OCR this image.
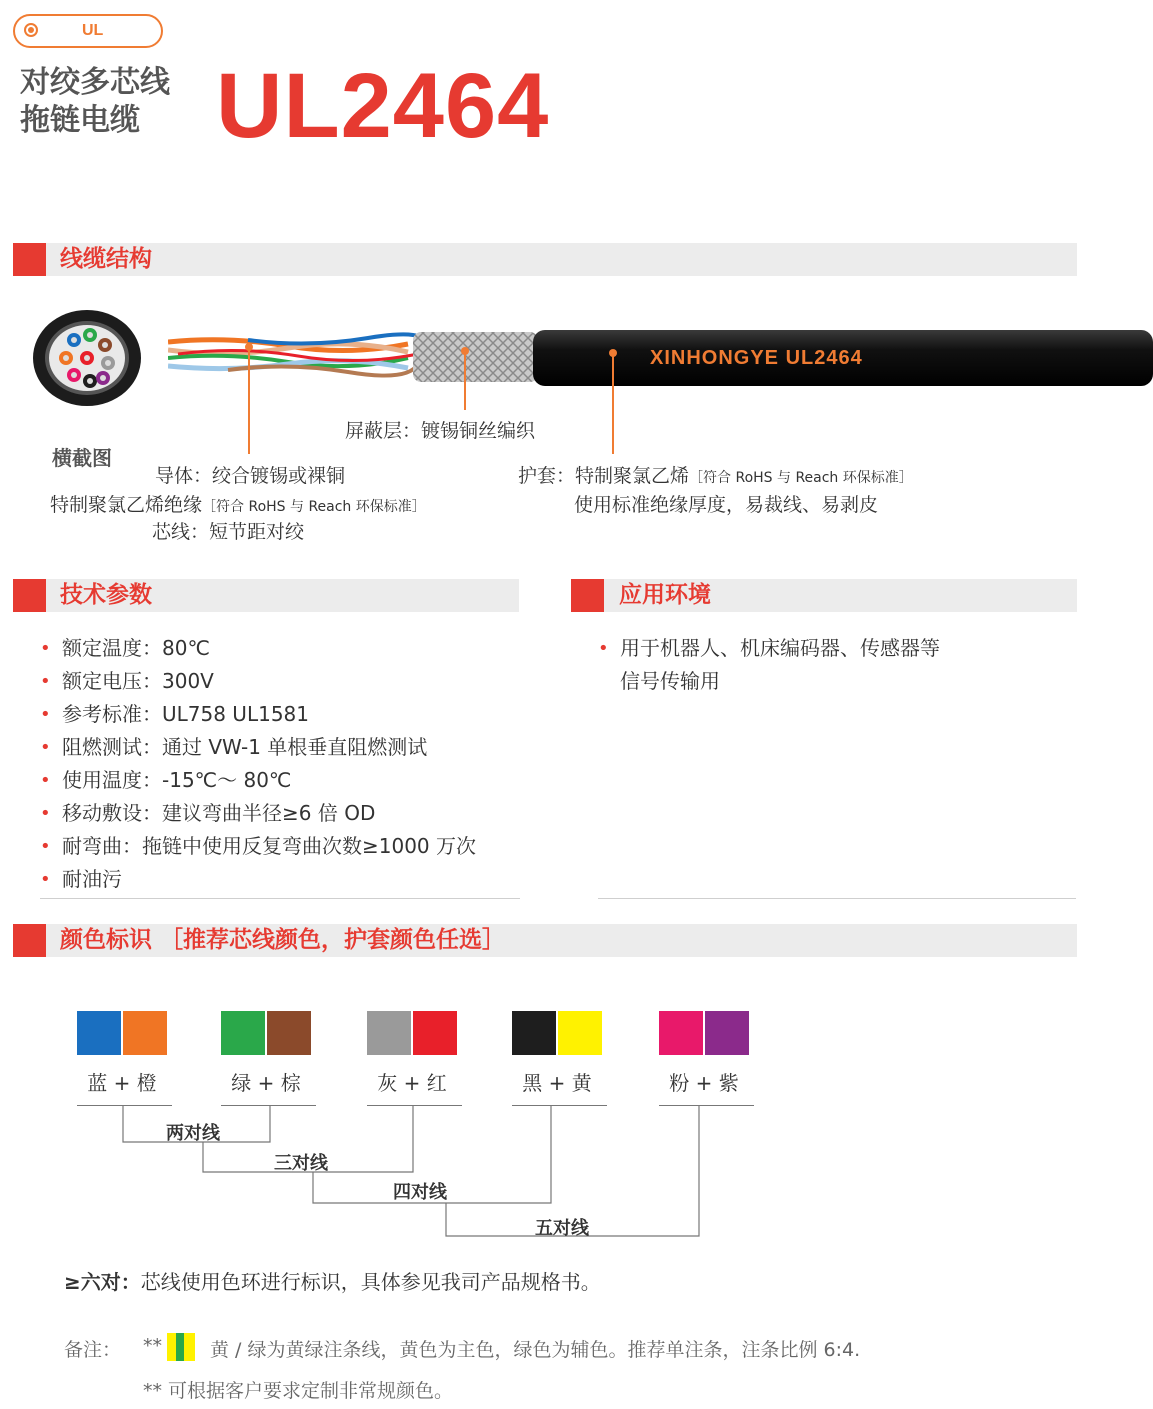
UL
对绞多芯线
拖链电缆 UL2464
线缆结构
横截图
XINHONGYE UL2464
屏蔽层：镀锡铜丝编织
导体：绞合镀锡或裸铜
特制聚氯乙烯绝缘［符合 RoHS 与 Reach 环保标准］
芯线：短节距对绞
护套：特制聚氯乙烯［符合 RoHS 与 Reach 环保标准］
使用标准绝缘厚度，易裁线、易剥皮
技术参数
• 额定温度：80℃
• 额定电压：300V
• 参考标准：UL758 UL1581
• 阻燃测试：通过 VW-1 单根垂直阻燃测试
• 使用温度：-15℃～ 80℃
• 移动敷设：建议弯曲半径≥6 倍 OD
• 耐弯曲：拖链中使用反复弯曲次数≥1000 万次
• 耐油污
应用环境
• 用于机器人、机床编码器、传感器等
信号传输用
颜色标识 ［推荐芯线颜色，护套颜色任选］
蓝 + 橙	绿 + 棕	灰 + 红	黑 + 黄	粉 + 紫
两对线
三对线
四对线
五对线
≥六对：芯线使用色环进行标识，具体参见我司产品规格书。
备注： **	黄 / 绿为黄绿注条线，黄色为主色，绿色为辅色。推荐单注条，注条比例 6:4.
** 可根据客户要求定制非常规颜色。
